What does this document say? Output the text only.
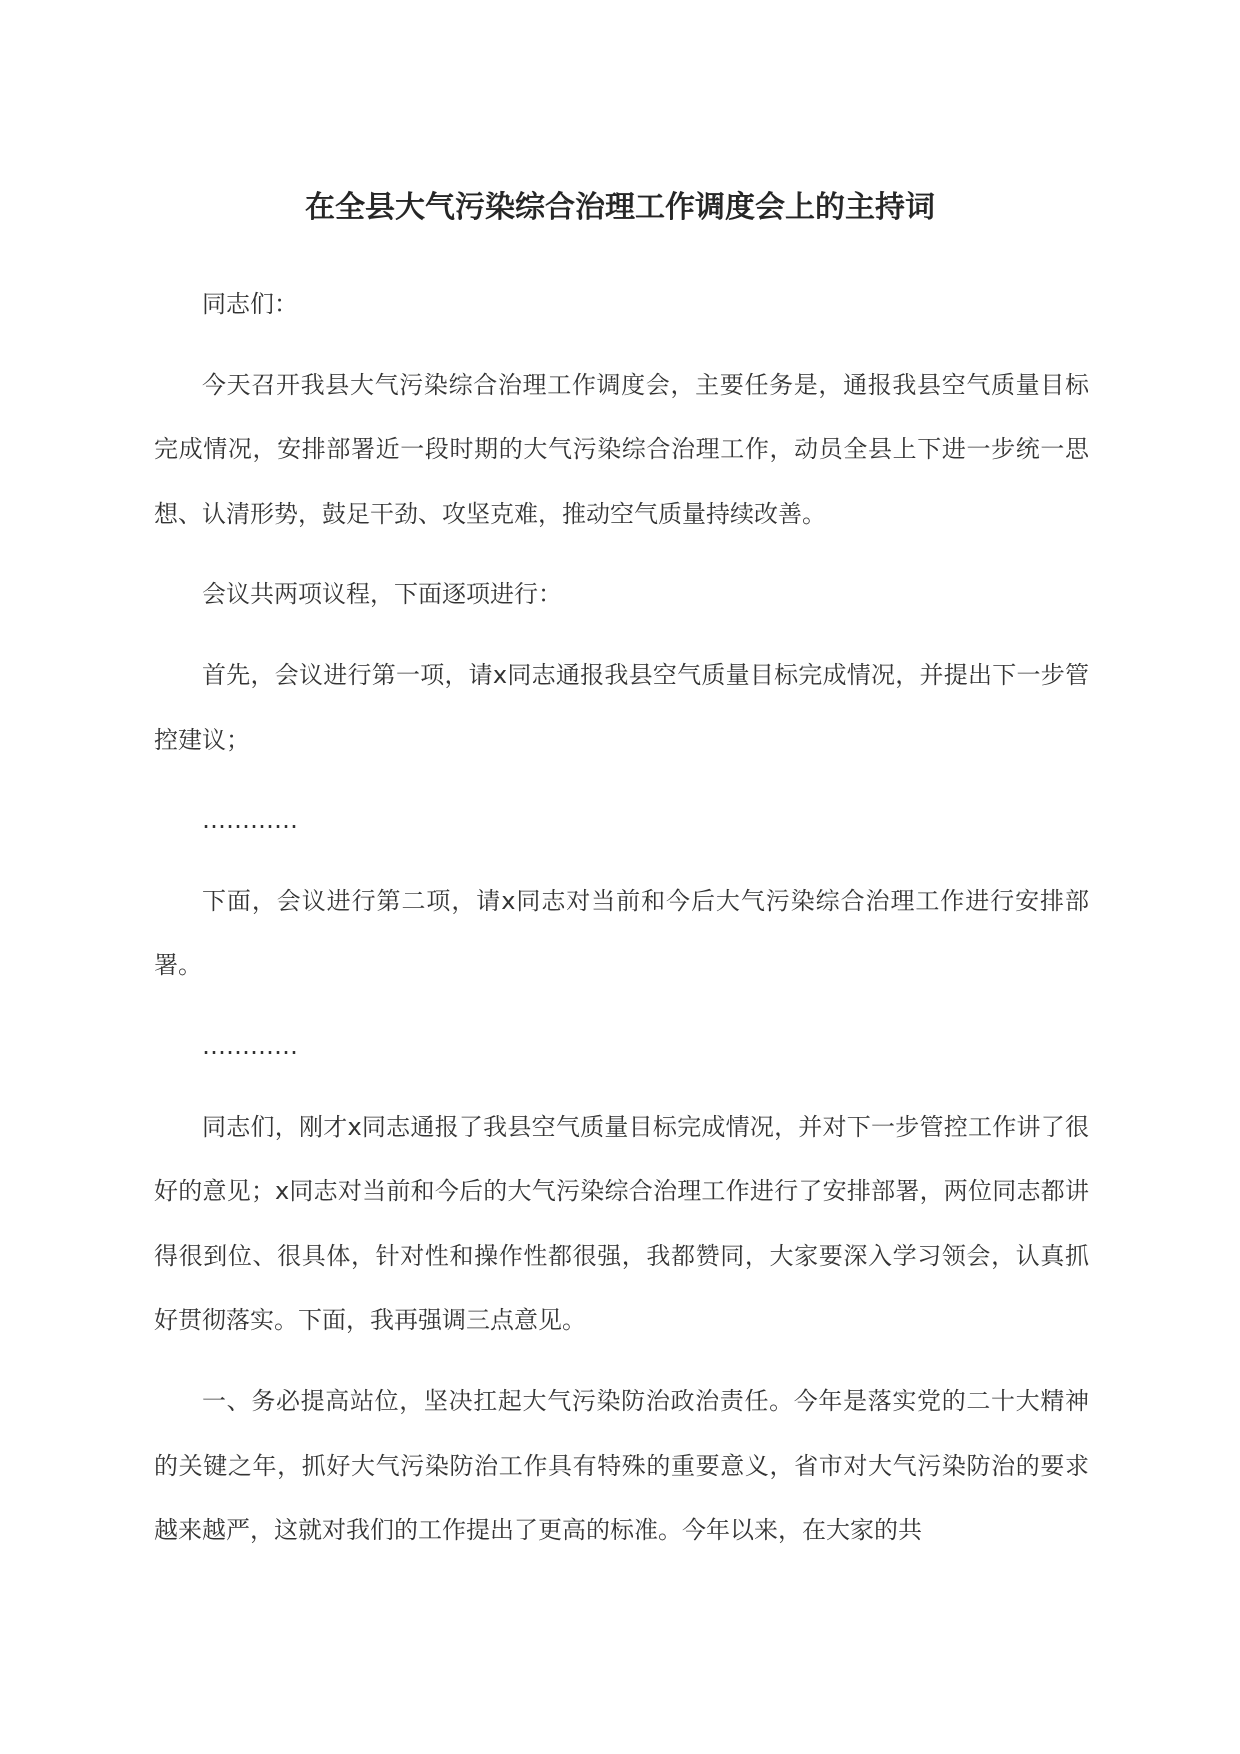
在全县大气污染综合治理工作调度会上的主持词

同志们：

今天召开我县大气污染综合治理工作调度会，主要任务是，通报我县空气质量目标完成情况，安排部署近一段时期的大气污染综合治理工作，动员全县上下进一步统一思想、认清形势，鼓足干劲、攻坚克难，推动空气质量持续改善。

会议共两项议程，下面逐项进行：

首先，会议进行第一项，请x同志通报我县空气质量目标完成情况，并提出下一步管控建议；

…………

下面，会议进行第二项，请x同志对当前和今后大气污染综合治理工作进行安排部署。

…………

同志们，刚才x同志通报了我县空气质量目标完成情况，并对下一步管控工作讲了很好的意见；x同志对当前和今后的大气污染综合治理工作进行了安排部署，两位同志都讲得很到位、很具体，针对性和操作性都很强，我都赞同，大家要深入学习领会，认真抓好贯彻落实。下面，我再强调三点意见。

一、务必提高站位，坚决扛起大气污染防治政治责任。今年是落实党的二十大精神的关键之年，抓好大气污染防治工作具有特殊的重要意义，省市对大气污染防治的要求越来越严，这就对我们的工作提出了更高的标准。今年以来，在大家的共
